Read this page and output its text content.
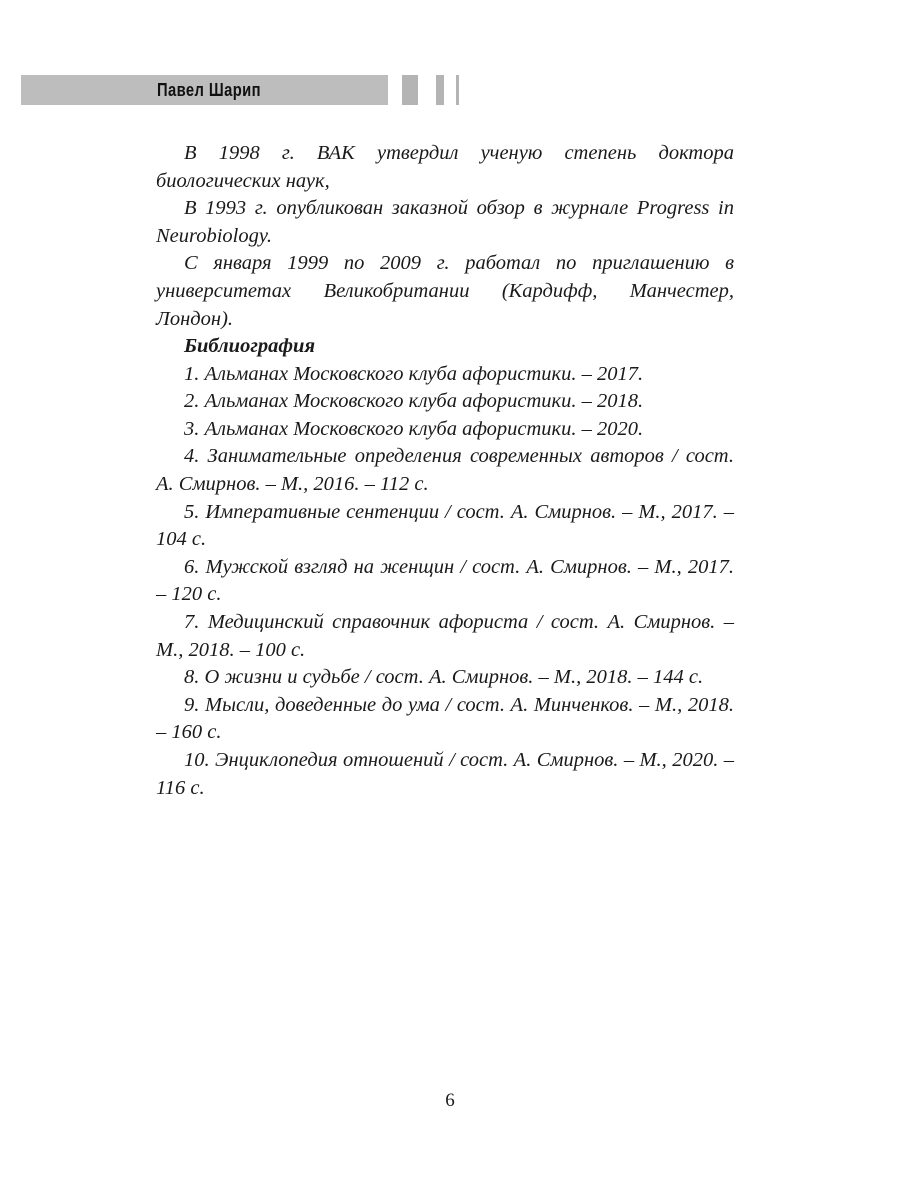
Павел Шарип

В 1998 г. ВАК утвердил ученую степень доктора биологических наук,

В 1993 г. опубликован заказной обзор в журнале Progress in Neurobiology.

С января 1999 по 2009 г. работал по приглашению в университетах Великобритании (Кардифф, Манчестер, Лондон).

Библиография

1. Альманах Московского клуба афористики. – 2017.

2. Альманах Московского клуба афористики. – 2018.

3. Альманах Московского клуба афористики. – 2020.

4. Занимательные определения современных авторов / сост. А. Смирнов. – М., 2016. – 112 с.

5. Императивные сентенции / сост. А. Смирнов. – М., 2017. – 104 с.

6. Мужской взгляд на женщин / сост. А. Смирнов. – М., 2017. – 120 с.

7. Медицинский справочник афориста / сост. А. Смирнов. – М., 2018. – 100 с.

8. О жизни и судьбе / сост. А. Смирнов. – М., 2018. – 144 с.

9. Мысли, доведенные до ума / сост. А. Минченков. – М., 2018. – 160 с.

10. Энциклопедия отношений / сост. А. Смирнов. – М., 2020. – 116 с.

6
